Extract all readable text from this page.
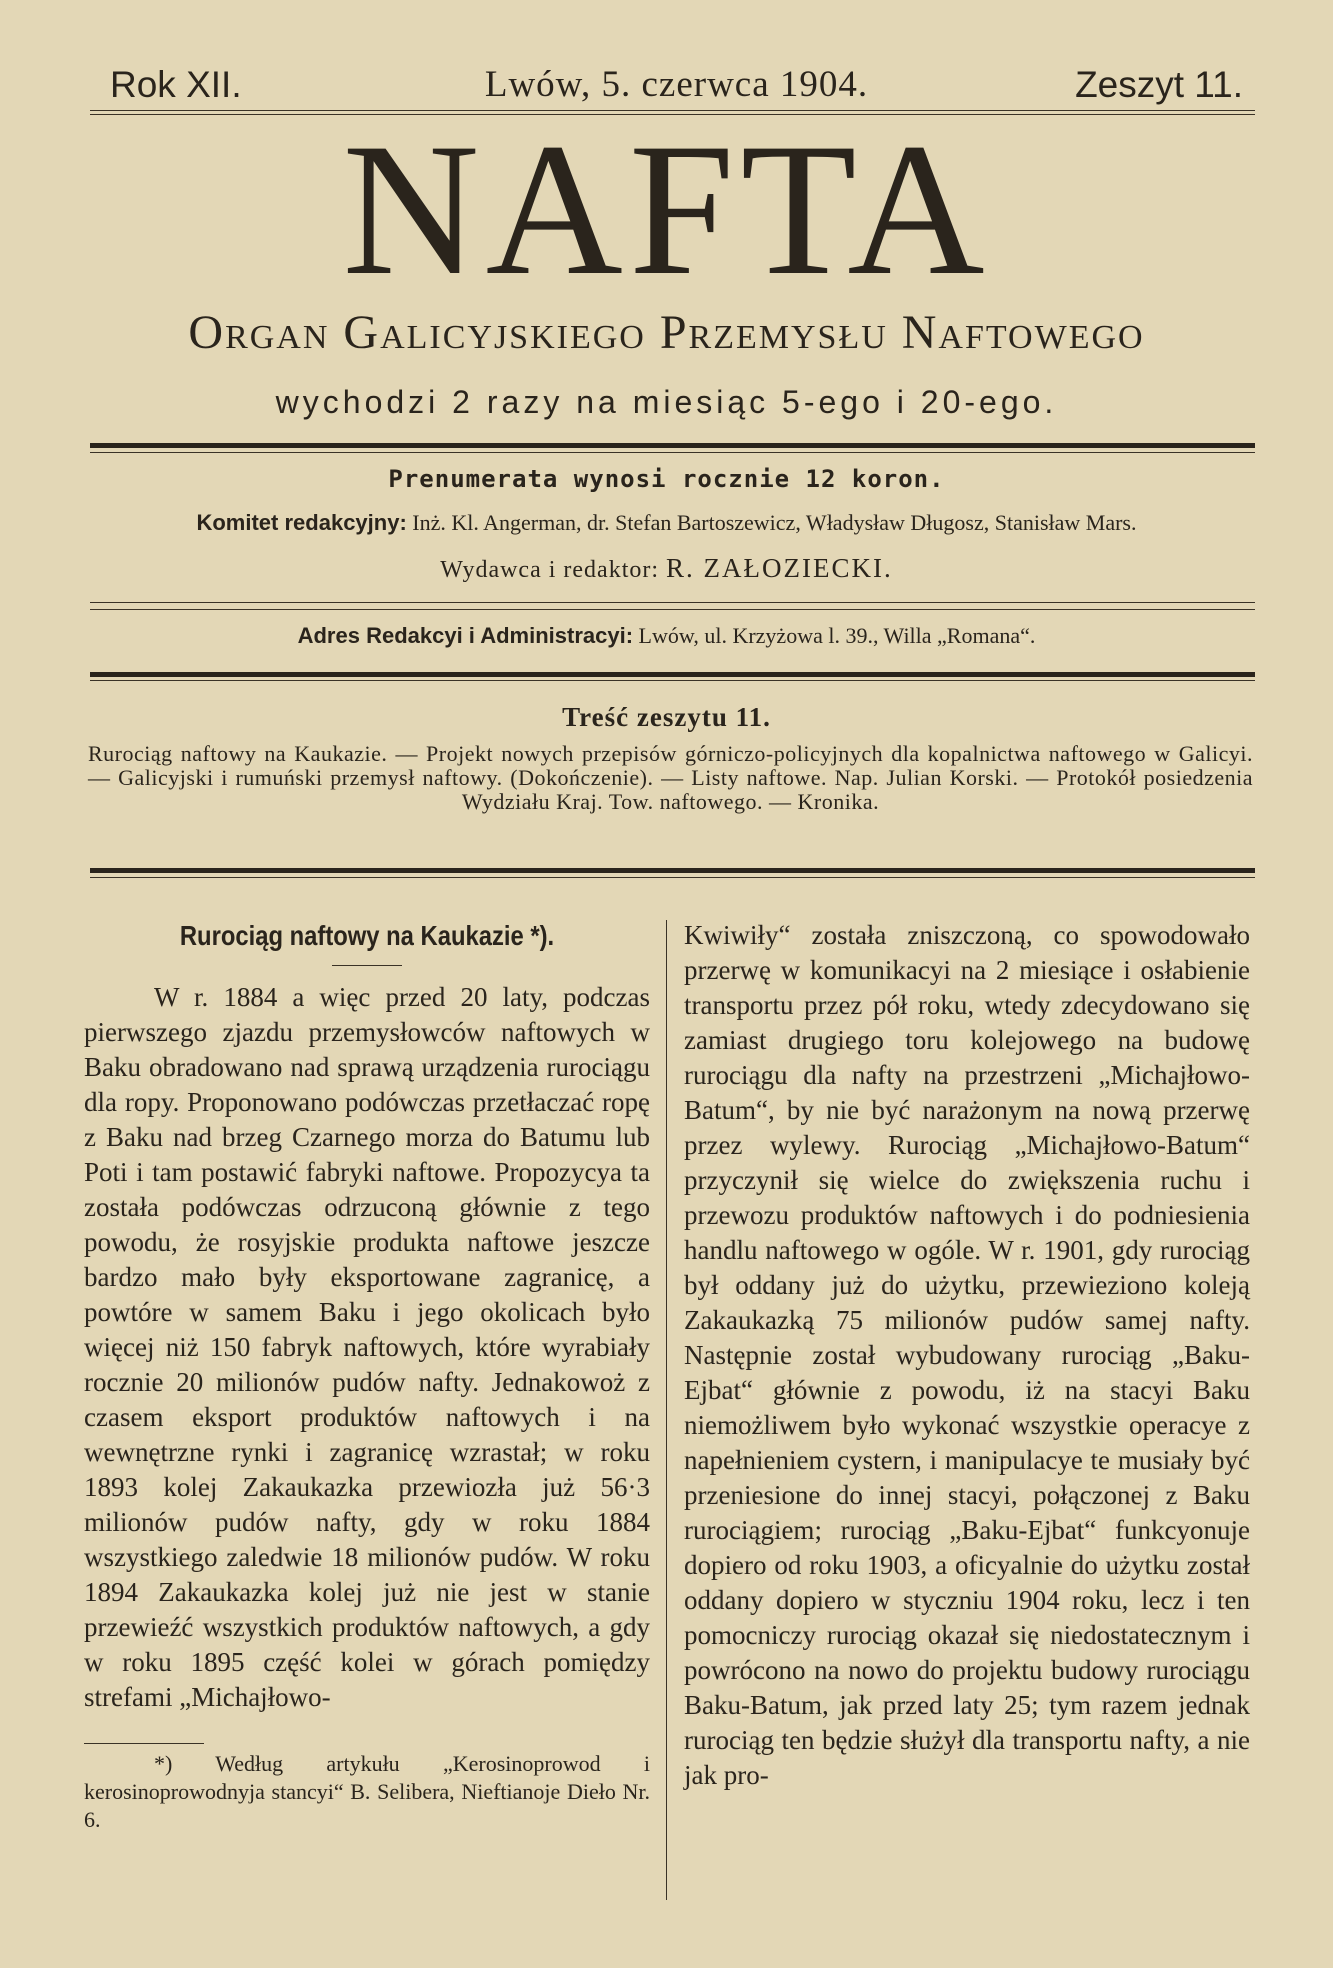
Lwów, 5. czerwca 1904.
Rok XII.	Zeszyt 11.
NAFTA
Organ Galicyjskiego Przemysłu Naftowego
wychodzi 2 razy na miesiąc 5-ego i 20-ego.
Prenumerata wynosi rocznie 12 koron.
Komitet redakcyjny: Inż. Kl. Angerman, dr. Stefan Bartoszewicz, Władysław Długosz, Stanisław Mars.
Wydawca i redaktor: R. ZAŁOZIECKI.
Adres Redakcyi i Administracyi: Lwów, ul. Krzyżowa l. 39., Willa „Romana“.
Treść zeszytu 11.
Rurociąg naftowy na Kaukazie. — Projekt nowych przepisów górniczo-policyjnych dla kopalnictwa naftowego w Galicyi. — Galicyjski i rumuński przemysł naftowy. (Dokończenie). — Listy naftowe. Nap. Julian Korski. — Protokół posiedzenia Wydziału Kraj. Tow. naftowego. — Kronika.
Rurociąg naftowy na Kaukazie *).

W r. 1884 a więc przed 20 laty, podczas pierwszego zjazdu przemysłowców naftowych w Baku obradowano nad sprawą urządzenia rurociągu dla ropy. Proponowano podówczas przetłaczać ropę z Baku nad brzeg Czarnego morza do Batumu lub Poti i tam postawić fabryki naftowe. Propozycya ta została podówczas odrzuconą głównie z tego powodu, że rosyjskie produkta naftowe jeszcze bardzo mało były eksportowane zagranicę, a powtóre w samem Baku i jego okolicach było więcej niż 150 fabryk naftowych, które wyrabiały rocznie 20 milionów pudów nafty. Jednakowoż z czasem eksport produktów naftowych i na wewnętrzne rynki i zagranicę wzrastał; w roku 1893 kolej Zakaukazka przewiozła już 56·3 milionów pudów nafty, gdy w roku 1884 wszystkiego zaledwie 18 milionów pudów. W roku 1894 Zakaukazka kolej już nie jest w stanie przewieźć wszystkich produktów naftowych, a gdy w roku 1895 część kolei w górach pomiędzy strefami „Michajłowo-

*) Według artykułu „Kerosinoprowod i kerosinoprowodnyja stancyi“ B. Selibera, Nieftianoje Dieło Nr. 6.

Kwiwiły“ została zniszczoną, co spowodowało przerwę w komunikacyi na 2 miesiące i osłabienie transportu przez pół roku, wtedy zdecydowano się zamiast drugiego toru kolejowego na budowę rurociągu dla nafty na przestrzeni „Michajłowo-Batum“, by nie być narażonym na nową przerwę przez wylewy. Rurociąg „Michajłowo-Batum“ przyczynił się wielce do zwiększenia ruchu i przewozu produktów naftowych i do podniesienia handlu naftowego w ogóle. W r. 1901, gdy rurociąg był oddany już do użytku, przewieziono koleją Zakaukazką 75 milionów pudów samej nafty. Następnie został wybudowany rurociąg „Baku-Ejbat“ głównie z powodu, iż na stacyi Baku niemożliwem było wykonać wszystkie operacye z napełnieniem cystern, i manipulacye te musiały być przeniesione do innej stacyi, połączonej z Baku rurociągiem; rurociąg „Baku-Ejbat“ funkcyonuje dopiero od roku 1903, a oficyalnie do użytku został oddany dopiero w styczniu 1904 roku, lecz i ten pomocniczy rurociąg okazał się niedostatecznym i powrócono na nowo do projektu budowy rurociągu Baku-Batum, jak przed laty 25; tym razem jednak rurociąg ten będzie służył dla transportu nafty, a nie jak pro-
